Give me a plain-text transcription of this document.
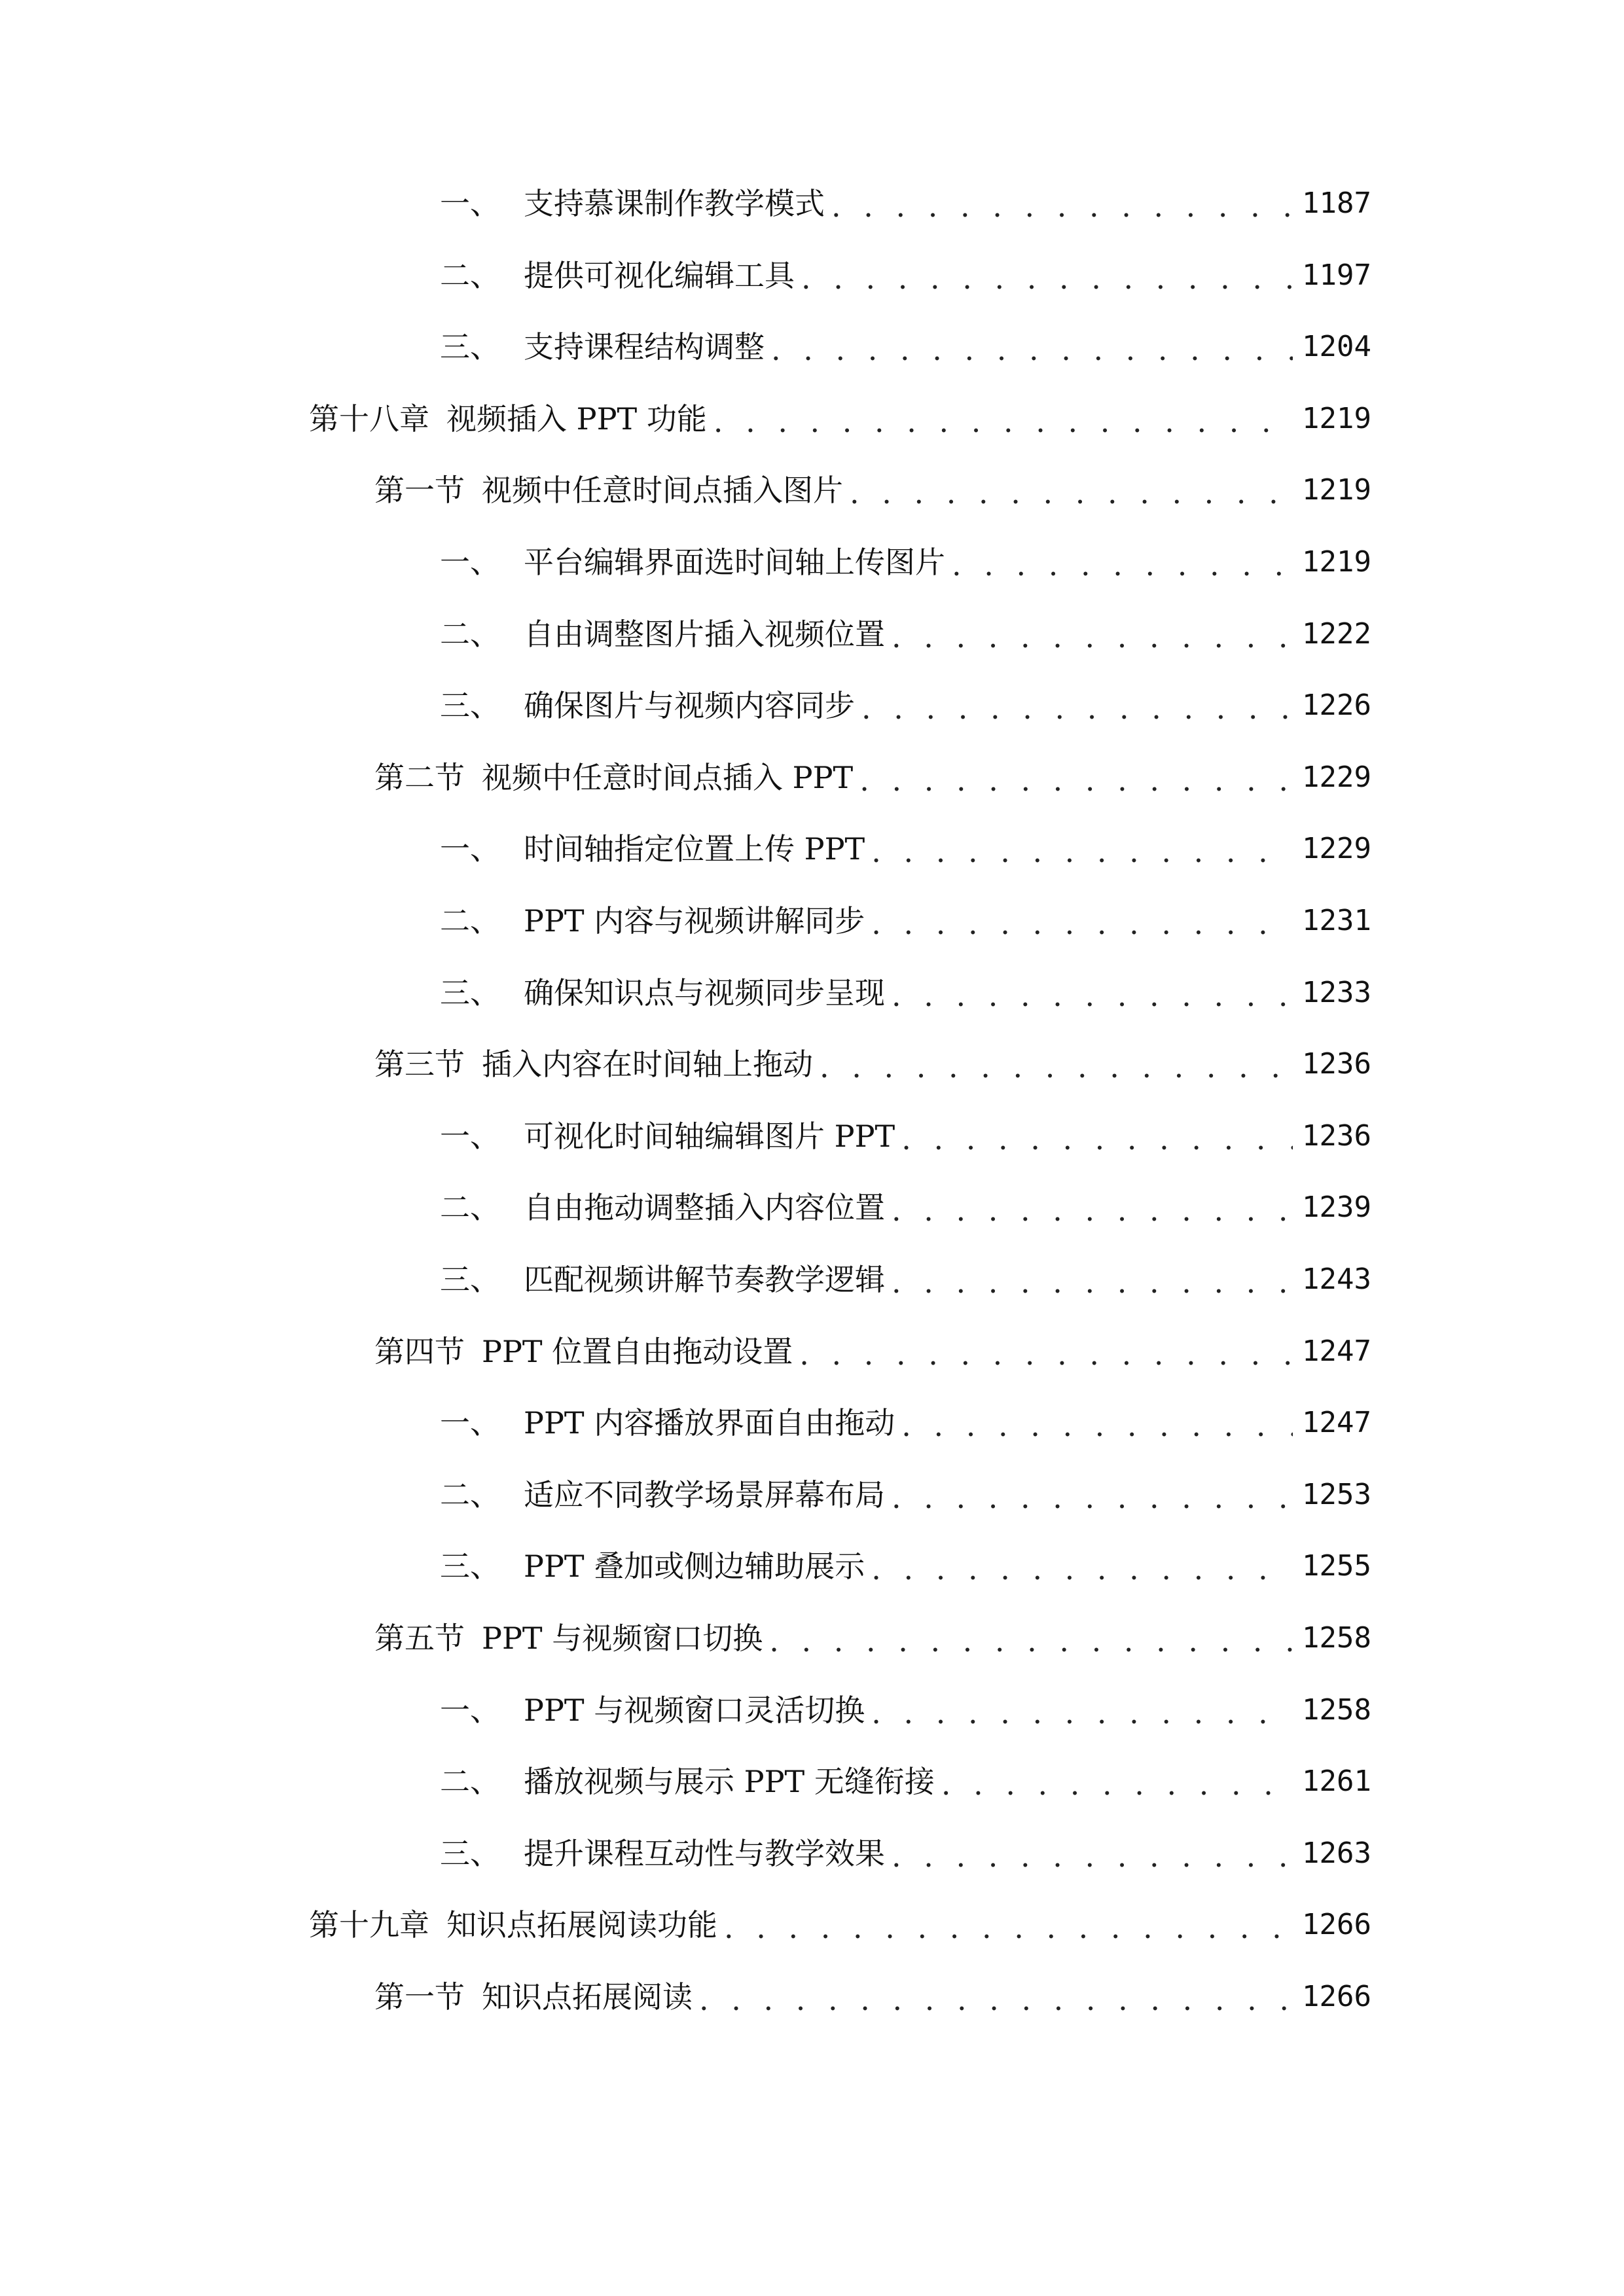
一、 支持慕课制作教学模式 . . .	1187
二、 提供可视化编辑工具 . . .	1197
三、 支持课程结构调整 . . .	1204
第十八章 视频插入 PPT 功能 . . .	1219
第一节 视频中任意时间点插入图片 . . .	1219
一、 平台编辑界面选时间轴上传图片 . . .	1219
二、 自由调整图片插入视频位置 . . .	1222
三、 确保图片与视频内容同步 . . .	1226
第二节 视频中任意时间点插入 PPT . . .	1229
一、 时间轴指定位置上传 PPT . . .	1229
二、 PPT 内容与视频讲解同步 . . .	1231
三、 确保知识点与视频同步呈现 . . .	1233
第三节 插入内容在时间轴上拖动 . . .	1236
一、 可视化时间轴编辑图片 PPT . . .	1236
二、 自由拖动调整插入内容位置 . . .	1239
三、 匹配视频讲解节奏教学逻辑 . . .	1243
第四节 PPT 位置自由拖动设置 . . .	1247
一、 PPT 内容播放界面自由拖动 . . .	1247
二、 适应不同教学场景屏幕布局 . . .	1253
三、 PPT 叠加或侧边辅助展示 . . .	1255
第五节 PPT 与视频窗口切换 . . .	1258
一、 PPT 与视频窗口灵活切换 . . .	1258
二、 播放视频与展示 PPT 无缝衔接 . . .	1261
三、 提升课程互动性与教学效果 . . .	1263
第十九章 知识点拓展阅读功能 . . .	1266
第一节 知识点拓展阅读 . . .	1266
